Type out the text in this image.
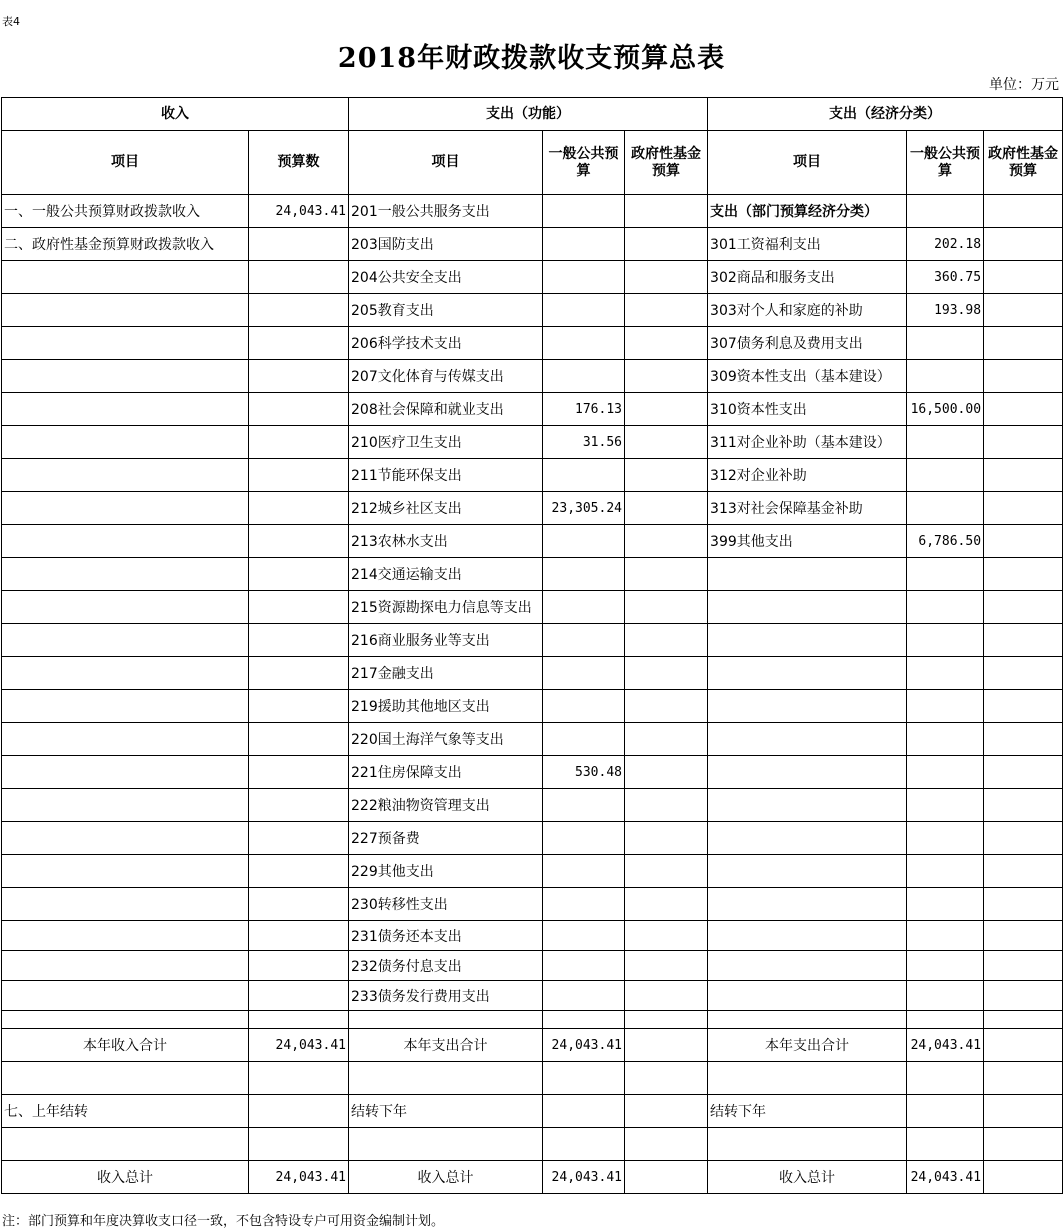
表4
2018年财政拨款收支预算总表
单位：万元
收入		支出（功能）			支出（经济分类）		
项目	预算数	项目	一般公共预算	政府性基金预算	项目	一般公共预算	政府性基金预算
一、一般公共预算财政拨款收入	24,043.41	201一般公共服务支出			支出（部门预算经济分类）		
二、政府性基金预算财政拨款收入		203国防支出			301工资福利支出	202.18	
		204公共安全支出			302商品和服务支出	360.75	
		205教育支出			303对个人和家庭的补助	193.98	
		206科学技术支出			307债务利息及费用支出		
		207文化体育与传媒支出			309资本性支出（基本建设）		
		208社会保障和就业支出	176.13		310资本性支出	16,500.00	
		210医疗卫生支出	31.56		311对企业补助（基本建设）		
		211节能环保支出			312对企业补助		
		212城乡社区支出	23,305.24		313对社会保障基金补助		
		213农林水支出			399其他支出	6,786.50	
		214交通运输支出					
		215资源勘探电力信息等支出					
		216商业服务业等支出					
		217金融支出					
		219援助其他地区支出					
		220国土海洋气象等支出					
		221住房保障支出	530.48				
		222粮油物资管理支出					
		227预备费					
		229其他支出					
		230转移性支出					
		231债务还本支出					
		232债务付息支出					
		233债务发行费用支出					

本年收入合计	24,043.41	本年支出合计	24,043.41		本年支出合计	24,043.41	

七、上年结转		结转下年			结转下年		

收入总计	24,043.41	收入总计	24,043.41		收入总计	24,043.41	
注：部门预算和年度决算收支口径一致，不包含特设专户可用资金编制计划。
